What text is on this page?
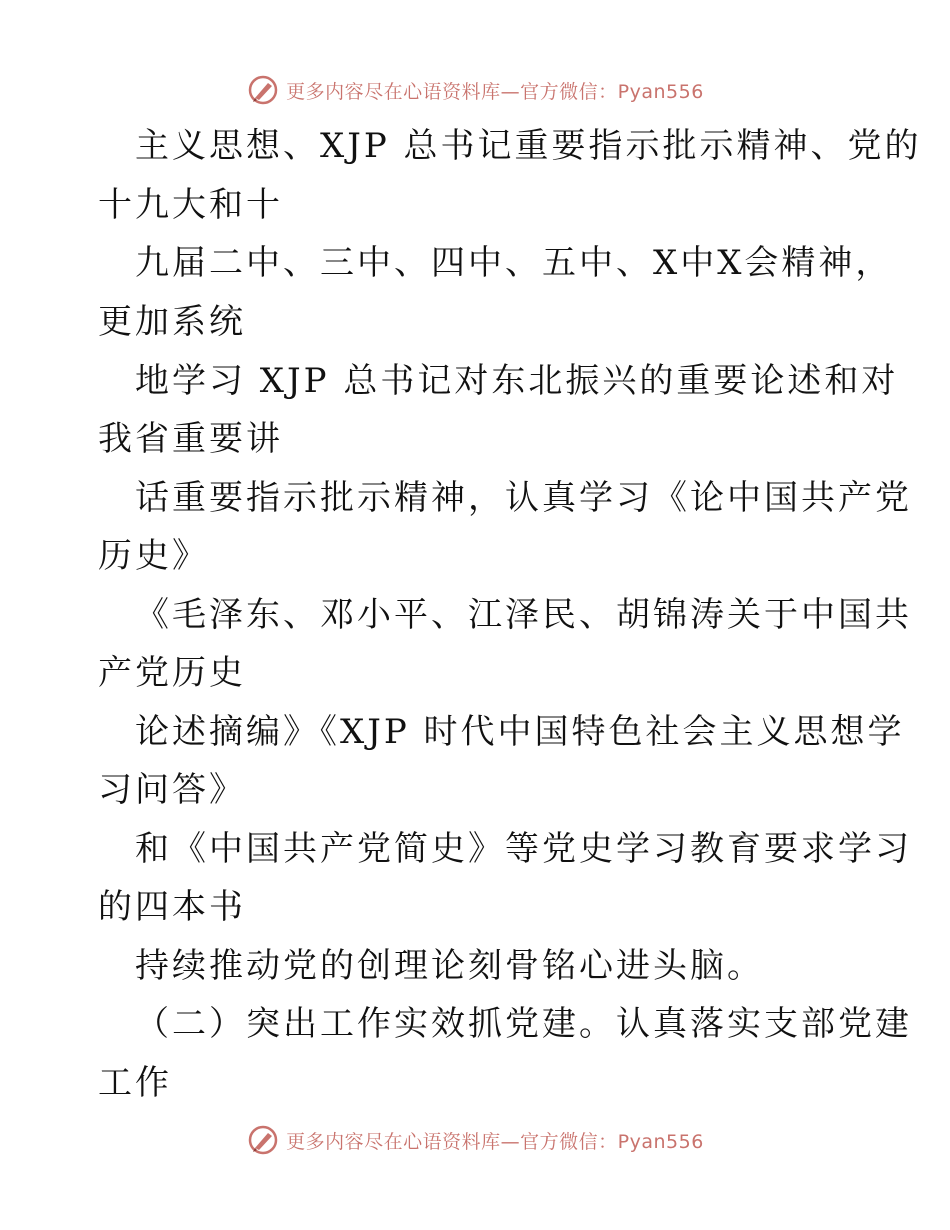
更多内容尽在心语资料库—官方微信：Pyan556
主义思想、XJP 总书记重要指示批示精神、党的
十九大和十
九届二中、三中、四中、五中、X中X会精神，
更加系统
地学习 XJP 总书记对东北振兴的重要论述和对
我省重要讲
话重要指示批示精神，认真学习《论中国共产党
历史》
《毛泽东、邓小平、江泽民、胡锦涛关于中国共
产党历史
论述摘编》《XJP 时代中国特色社会主义思想学
习问答》
和《中国共产党简史》等党史学习教育要求学习
的四本书
持续推动党的创理论刻骨铭心进头脑。
（二）突出工作实效抓党建。认真落实支部党建
工作
更多内容尽在心语资料库—官方微信：Pyan556
